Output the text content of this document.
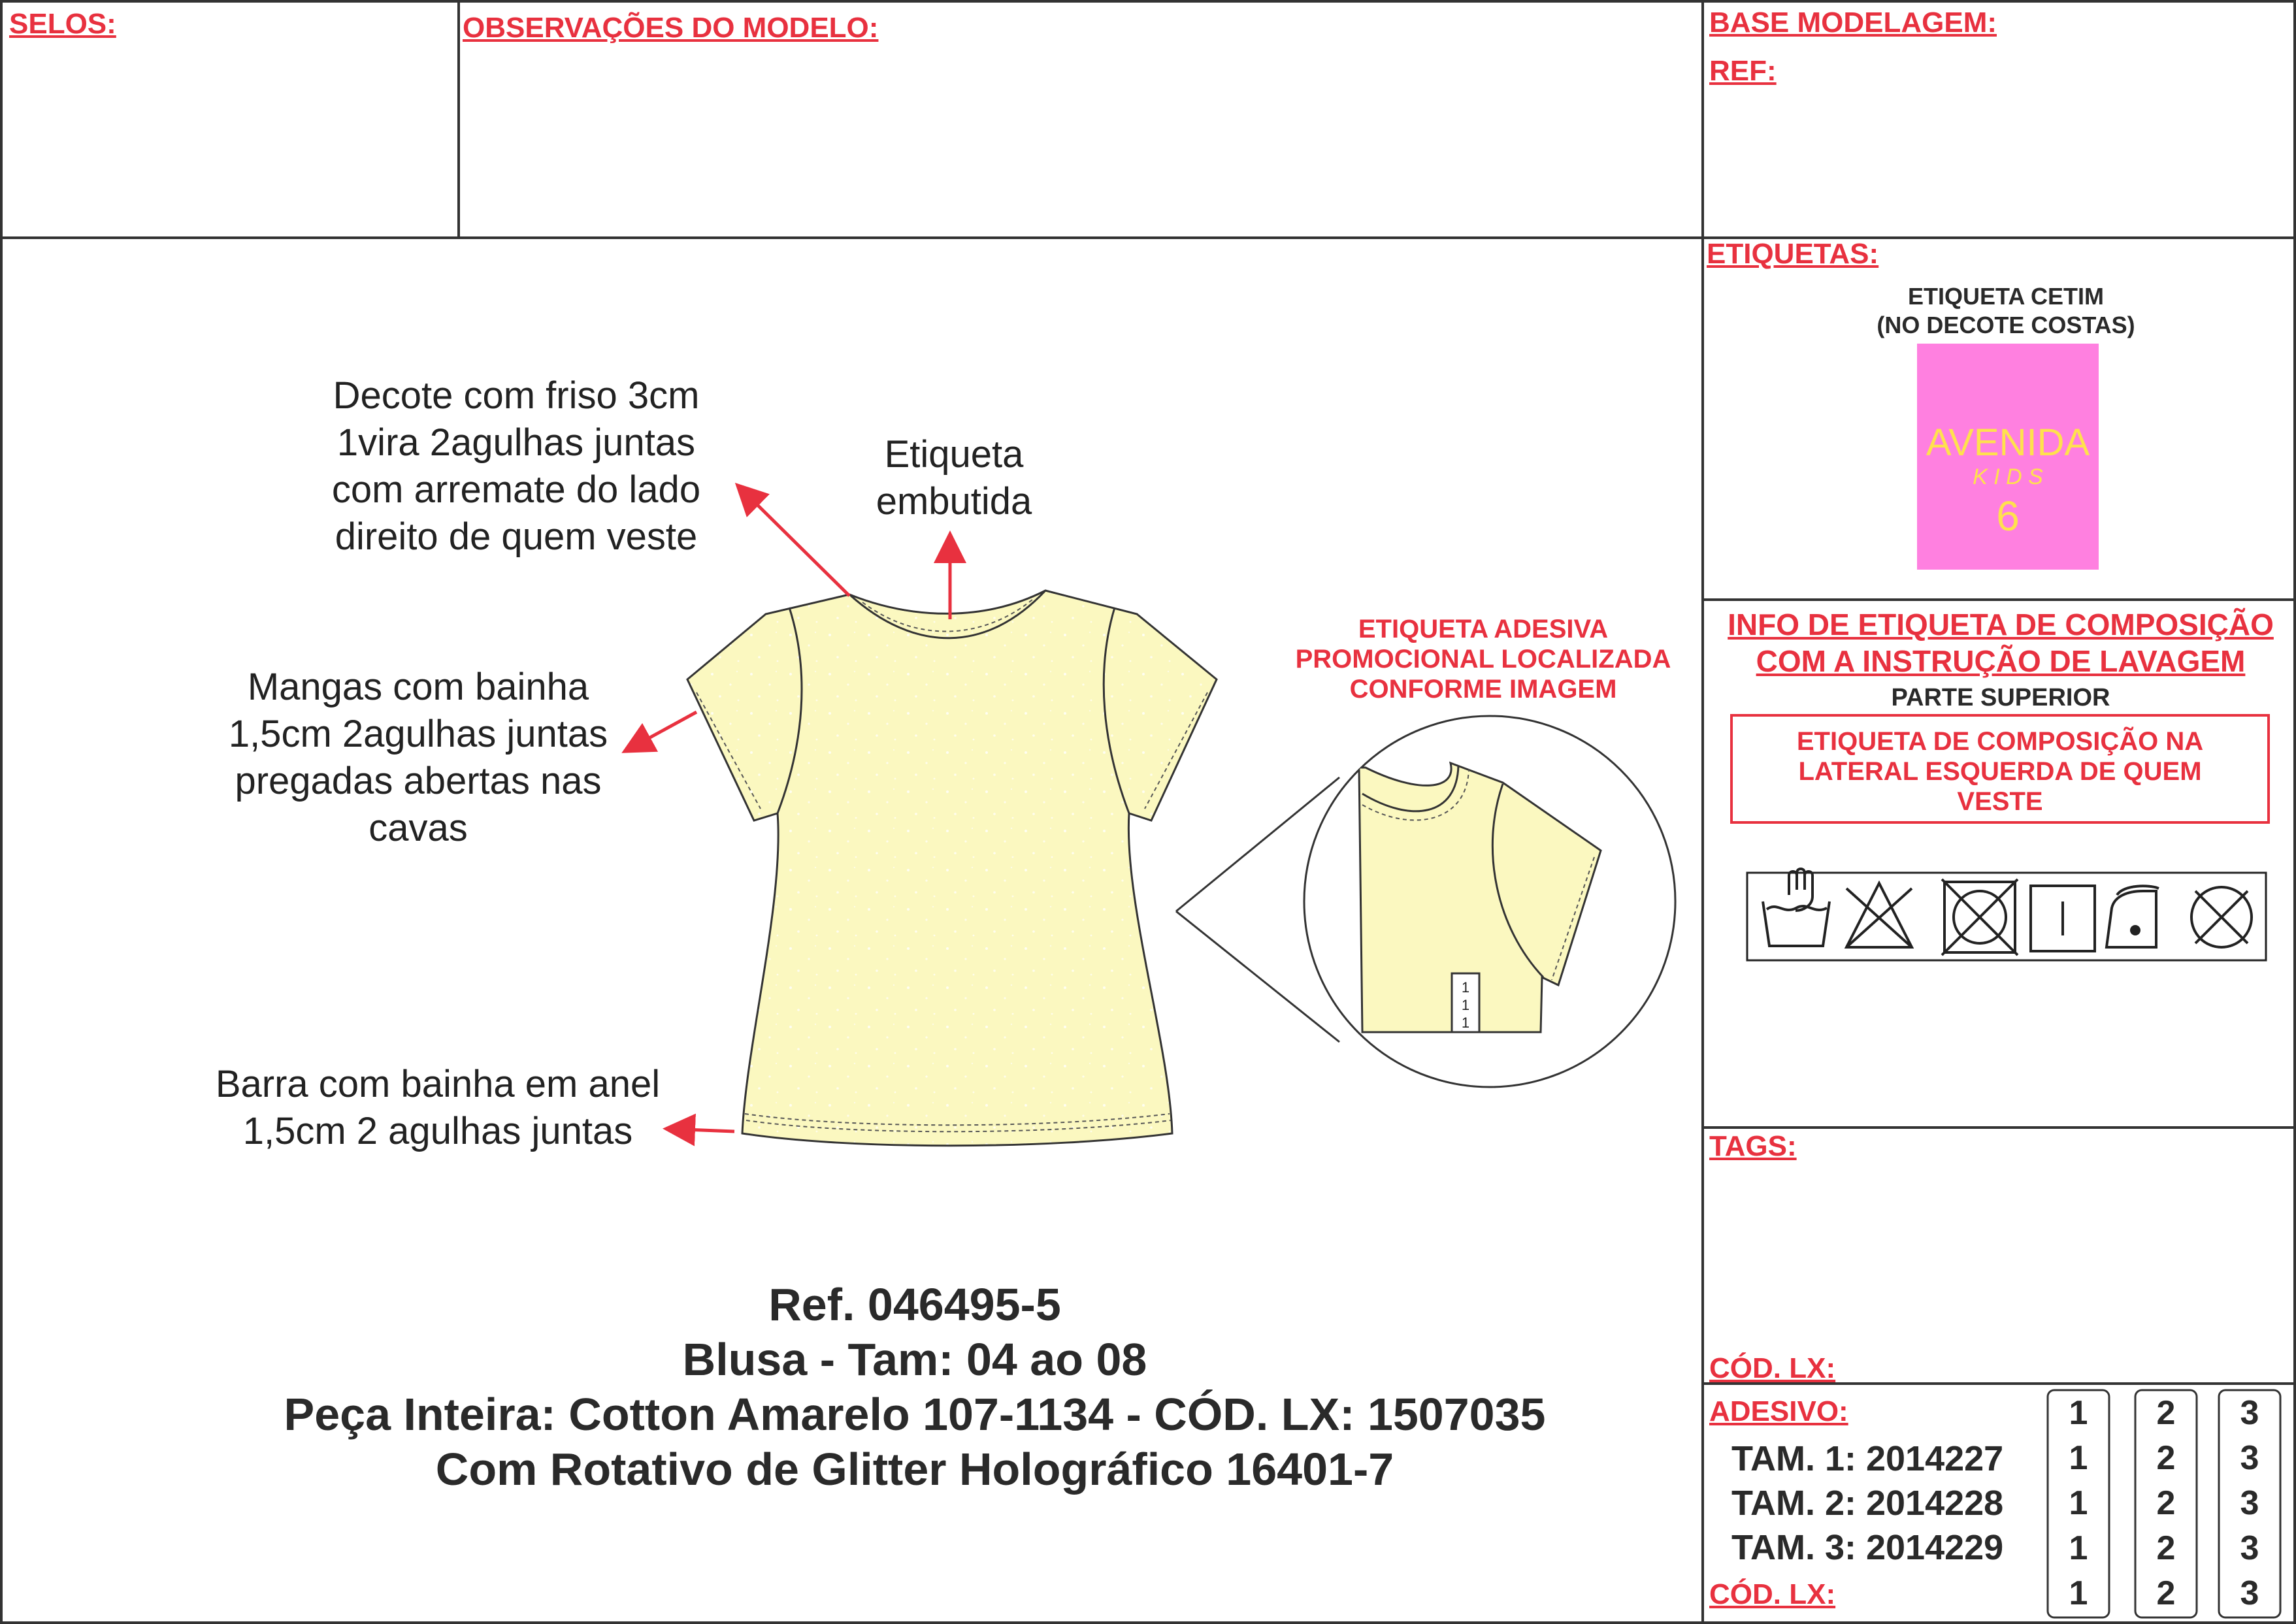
SELOS:	OBSERVAÇÕES DO MODELO:	BASE MODELAGEM:
REF:
Decote com friso 3cm
1vira 2agulhas juntas
com arremate do lado
direito de quem veste
Etiqueta
embutida
Mangas com bainha
1,5cm 2agulhas juntas
pregadas abertas nas
cavas
Barra com bainha em anel
1,5cm 2 agulhas juntas
ETIQUETA ADESIVA
PROMOCIONAL LOCALIZADA
CONFORME IMAGEM
1
1
1
Ref. 046495-5
Blusa - Tam: 04 ao 08
Peça Inteira: Cotton Amarelo 107-1134 - CÓD. LX: 1507035
Com Rotativo de Glitter Holográfico 16401-7
ETIQUETAS:
ETIQUETA CETIM
(NO DECOTE COSTAS)
AVENIDA
K I D S
6
INFO DE ETIQUETA DE COMPOSIÇÃO
COM A INSTRUÇÃO DE LAVAGEM
PARTE SUPERIOR
ETIQUETA DE COMPOSIÇÃO NA
LATERAL ESQUERDA DE QUEM
VESTE
TAGS:
CÓD. LX:
ADESIVO:
TAM. 1: 2014227
TAM. 2: 2014228
TAM. 3: 2014229
CÓD. LX:
1
1
1
1
1
2
2
2
2
2
3
3
3
3
3
